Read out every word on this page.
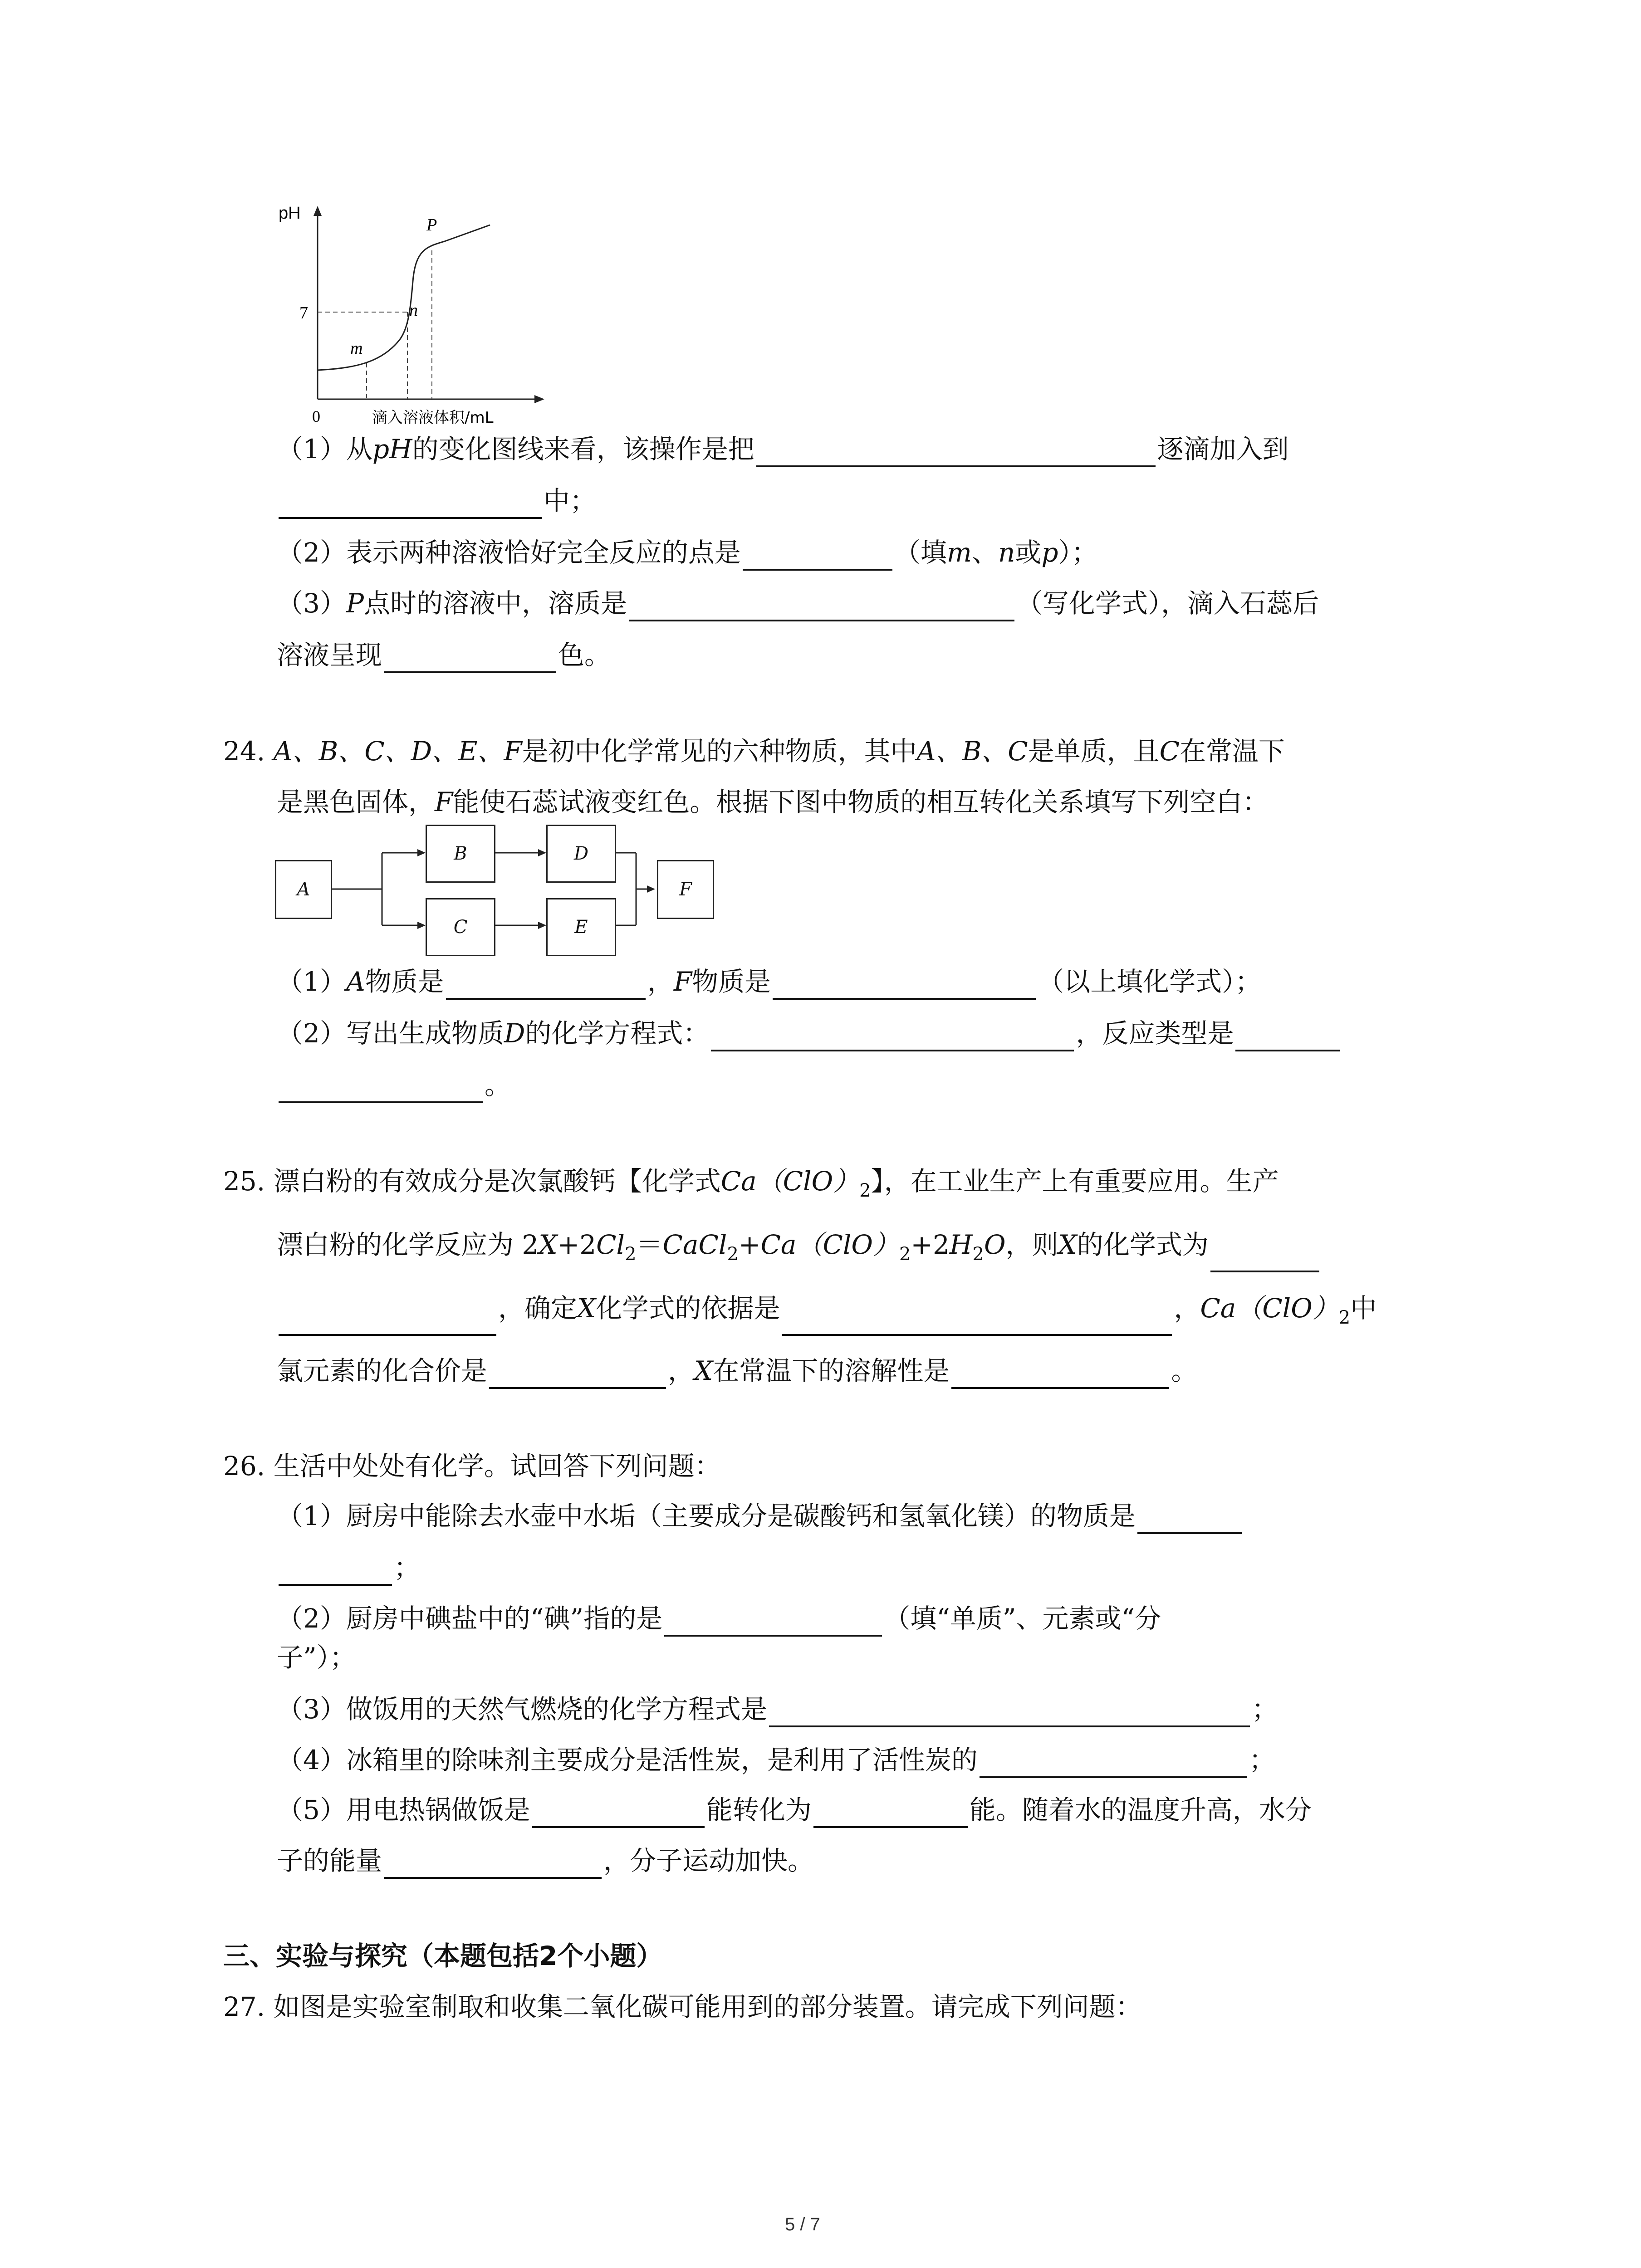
pH
7
0	滴入溶液体积/mL
m
n
P
（1）从pH的变化图线来看，该操作是把	逐滴加入到
中；
（2）表示两种溶液恰好完全反应的点是	（填m、n或p）；
（3）P点时的溶液中，溶质是	（写化学式），滴入石蕊后
溶液呈现	色。
24. A、B、C、D、E、F是初中化学常见的六种物质，其中A、B、C是单质，且C在常温下
是黑色固体，F能使石蕊试液变红色。根据下图中物质的相互转化关系填写下列空白：
A
B
C
D
E
F
（1）A物质是	，F物质是	（以上填化学式）；
（2）写出生成物质D的化学方程式：	，反应类型是
。
25. 漂白粉的有效成分是次氯酸钙【化学式$Ca(ClO)_2$】，在工业生产上有重要应用。生产
漂白粉的化学反应为 $2X+2Cl_2=CaCl_2+Ca(ClO)_2+2H_2O$，则X的化学式为
，确定X化学式的依据是	，$Ca(ClO)_2$中
氯元素的化合价是	，X在常温下的溶解性是	。
26. 生活中处处有化学。试回答下列问题：
（1）厨房中能除去水壶中水垢（主要成分是碳酸钙和氢氧化镁）的物质是
；
（2）厨房中碘盐中的“碘”指的是	（填“单质”、元素或“分
子”）；
（3）做饭用的天然气燃烧的化学方程式是	；
（4）冰箱里的除味剂主要成分是活性炭，是利用了活性炭的	；
（5）用电热锅做饭是	能转化为	能。随着水的温度升高，水分
子的能量	，分子运动加快。
三、实验与探究（本题包括2个小题）
27. 如图是实验室制取和收集二氧化碳可能用到的部分装置。请完成下列问题：
5 / 7
